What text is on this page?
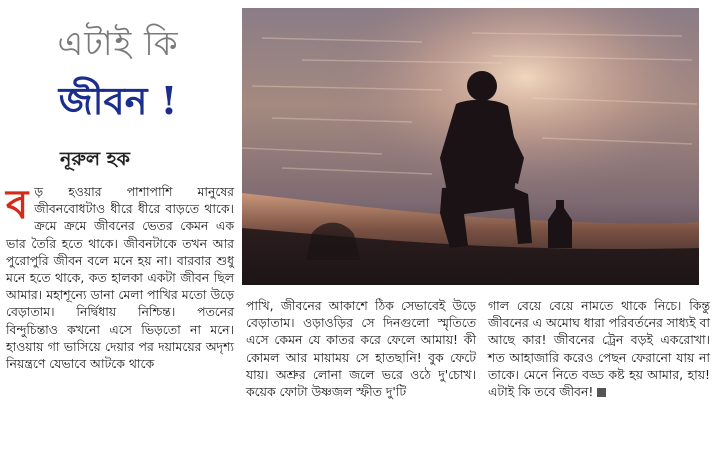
এটাই কি
জীবন !
নূরুল হক
বড় হওয়ার পাশাপাশি মানুষের জীবনবোধটাও ধীরে ধীরে বাড়তে থাকে। ক্রমে ক্রমে জীবনের ভেতর কেমন এক ভার তৈরি হতে থাকে। জীবনটাকে তখন আর পুরোপুরি জীবন বলে মনে হয় না। বারবার শুধু মনে হতে থাকে, কত হালকা একটা জীবন ছিল আমার। মহাশূন্যে ডানা মেলা পাখির মতো উড়ে বেড়াতাম। নির্দ্বিধায় নিশ্চিন্ত। পতনের বিন্দুচিন্তাও কখনো এসে ভিড়তো না মনে। হাওয়ায় গা ভাসিয়ে দেয়ার পর দয়াময়ের অদৃশ্য নিয়ন্ত্রণে যেভাবে আটকে থাকে
পাখি, জীবনের আকাশে ঠিক সেভাবেই উড়ে বেড়াতাম। ওড়াওড়ির সে দিনগুলো স্মৃতিতে এসে কেমন যে কাতর করে ফেলে আমায়! কী কোমল আর মায়াময় সে হাতছানি! বুক ফেটে যায়। অশ্রুর লোনা জলে ভরে ওঠে দু'চোখ। কয়েক ফোটা উষ্ণজল স্ফীত দু'টি
গাল বেয়ে বেয়ে নামতে থাকে নিচে। কিন্তু জীবনের এ অমোঘ ধারা পরিবর্তনের সাধ্যই বা আছে কার! জীবনের ট্রেন বড়ই একরোখা। শত আহাজারি করেও পেছন ফেরানো যায় না তাকে। মেনে নিতে বড্ড কষ্ট হয় আমার, হায়! এটাই কি তবে জীবন!
